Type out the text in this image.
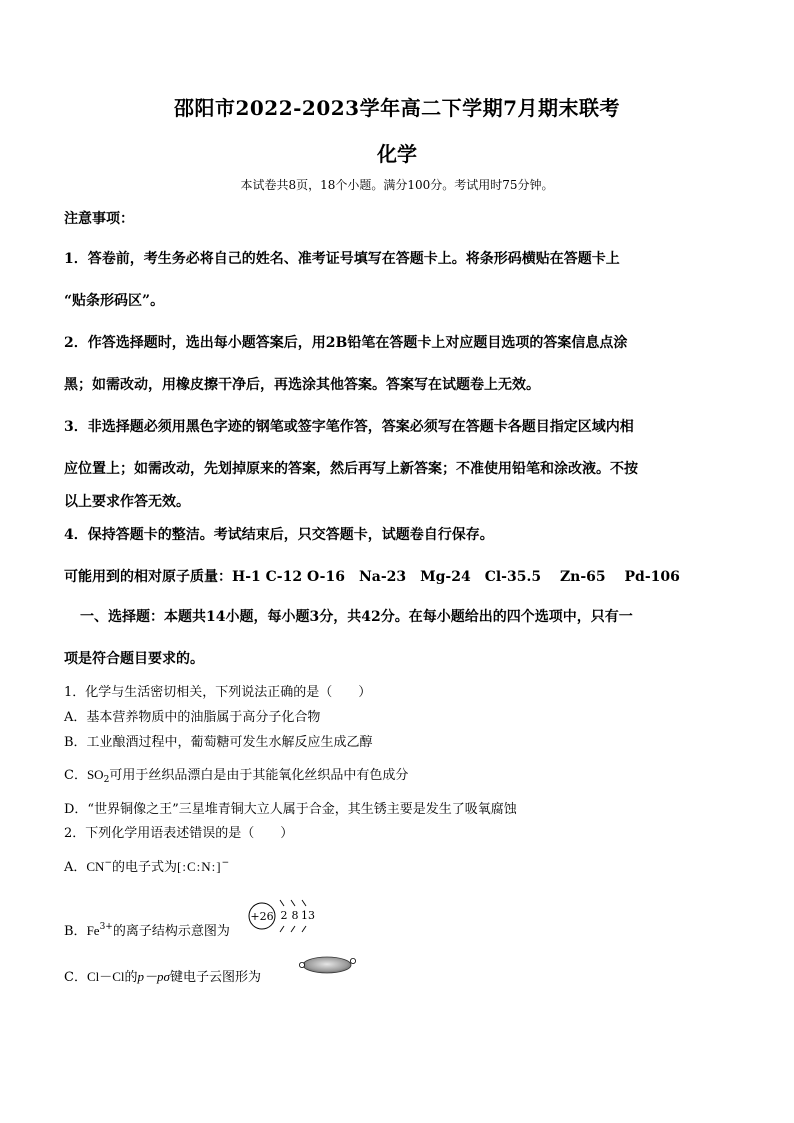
邵阳市2022-2023学年高二下学期7月期末联考
化学
本试卷共8页，18个小题。满分100分。考试用时75分钟。
注意事项：
1．答卷前，考生务必将自己的姓名、准考证号填写在答题卡上。将条形码横贴在答题卡上
“贴条形码区”。
2．作答选择题时，选出每小题答案后，用2B铅笔在答题卡上对应题目选项的答案信息点涂
黑；如需改动，用橡皮擦干净后，再选涂其他答案。答案写在试题卷上无效。
3．非选择题必须用黑色字迹的钢笔或签字笔作答，答案必须写在答题卡各题目指定区域内相
应位置上；如需改动，先划掉原来的答案，然后再写上新答案；不准使用铅笔和涂改液。不按
以上要求作答无效。
4．保持答题卡的整洁。考试结束后，只交答题卡，试题卷自行保存。
可能用到的相对原子质量：H-1 C-12 O-16　Na-23　Mg-24　Cl-35.5　 Zn-65　 Pd-106
一、选择题：本题共14小题，每小题3分，共42分。在每小题给出的四个选项中，只有一
项是符合题目要求的。
1．化学与生活密切相关，下列说法正确的是（　　）
A．基本营养物质中的油脂属于高分子化合物
B．工业酿酒过程中，葡萄糖可发生水解反应生成乙醇
C．$SO_2$可用于丝织品漂白是由于其能氧化丝织品中有色成分
D．“世界铜像之王”三星堆青铜大立人属于合金，其生锈主要是发生了吸氧腐蚀
2．下列化学用语表述错误的是（　　）
A．CN−的电子式为[:C:N:]−
B．$Fe^{3+}$的离子结构示意图为
+26 2 8 13
C．Cl－Cl的p－pσ键电子云图形为
